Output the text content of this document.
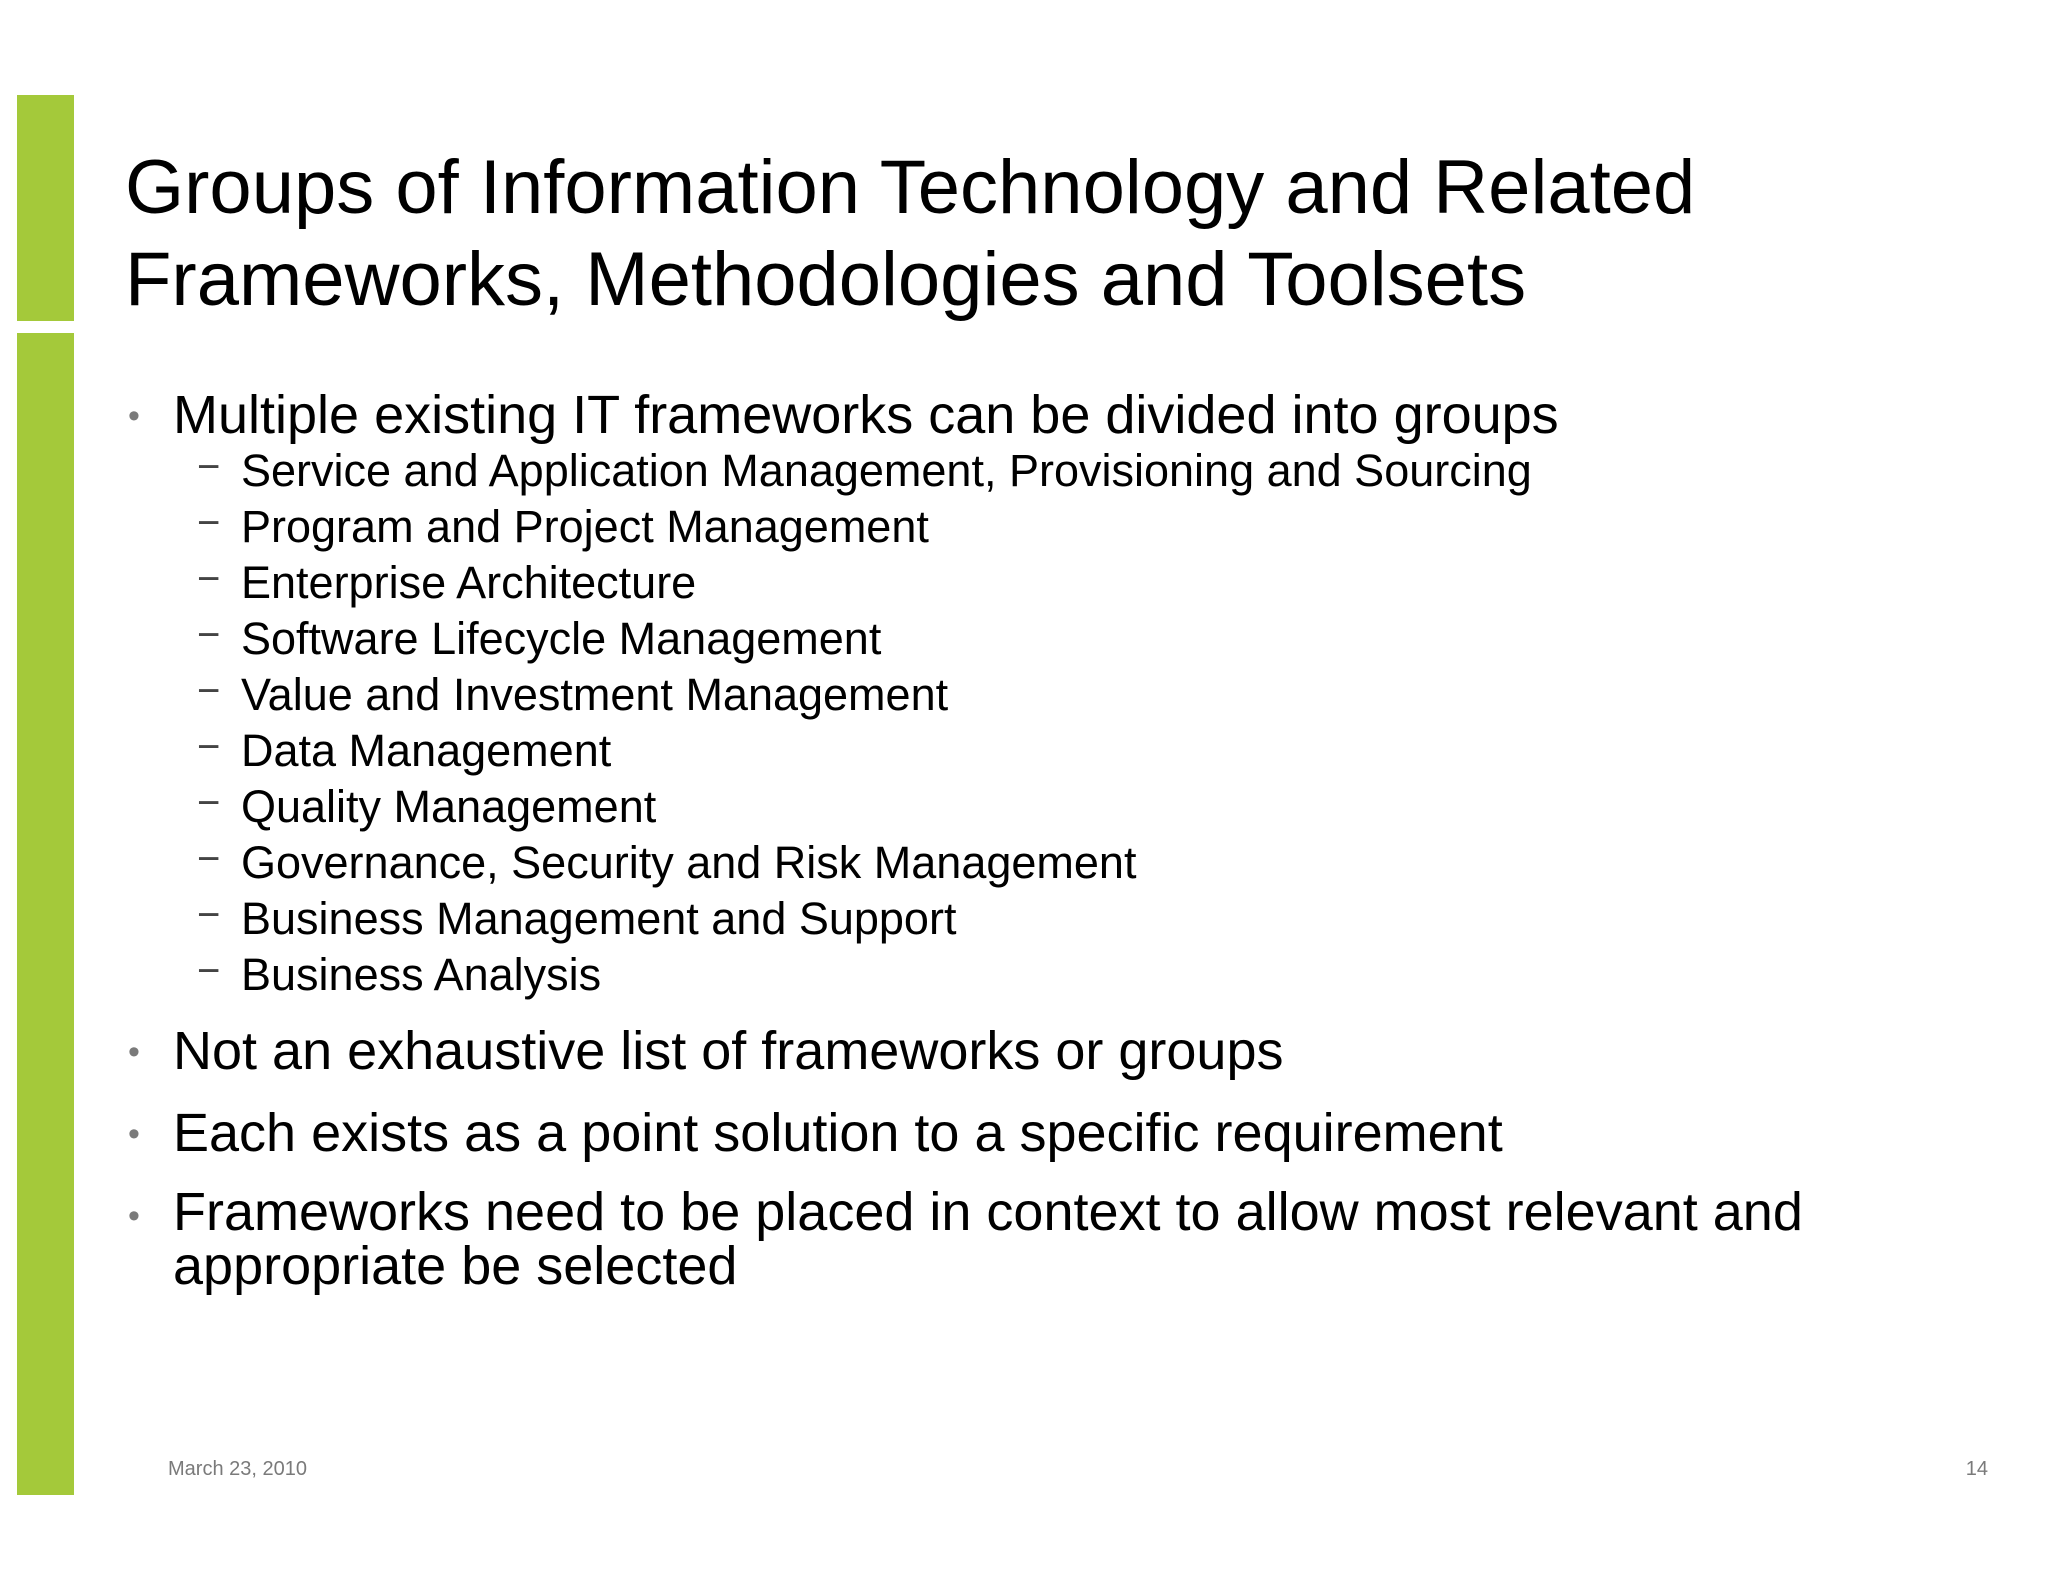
Groups of Information Technology and Related
Frameworks, Methodologies and Toolsets
• Multiple existing IT frameworks can be divided into groups
− Service and Application Management, Provisioning and Sourcing
− Program and Project Management
− Enterprise Architecture
− Software Lifecycle Management
− Value and Investment Management
− Data Management
− Quality Management
− Governance, Security and Risk Management
− Business Management and Support
− Business Analysis
• Not an exhaustive list of frameworks or groups
• Each exists as a point solution to a specific requirement
• Frameworks need to be placed in context to allow most relevant and
appropriate be selected
March 23, 2010	14
